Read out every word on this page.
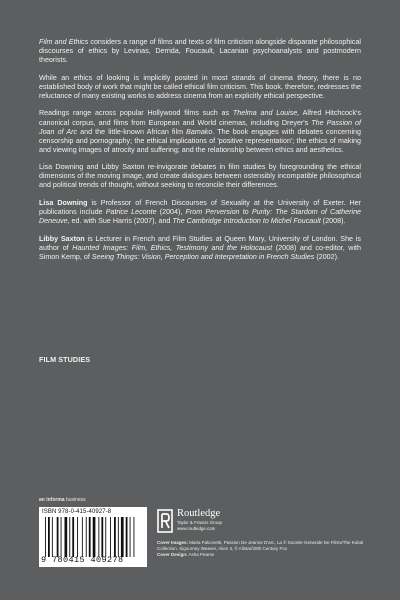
Film and Ethics considers a range of films and texts of film criticism alongside disparate philosophical discourses of ethics by Levinas, Derrida, Foucault, Lacanian psychoanalysts and postmodern theorists.

While an ethics of looking is implicitly posited in most strands of cinema theory, there is no established body of work that might be called ethical film criticism. This book, therefore, redresses the reluctance of many existing works to address cinema from an explicitly ethical perspective.

Readings range across popular Hollywood films such as Thelma and Louise, Alfred Hitchcock's canonical corpus, and films from European and World cinemas, including Dreyer's The Passion of Joan of Arc and the little-known African film Bamako. The book engages with debates concerning censorship and pornography; the ethical implications of 'positive representation'; the ethics of making and viewing images of atrocity and suffering; and the relationship between ethics and aesthetics.

Lisa Downing and Libby Saxton re-invigorate debates in film studies by foregrounding the ethical dimensions of the moving image, and create dialogues between ostensibly incompatible philosophical and political trends of thought, without seeking to reconcile their differences.

Lisa Downing is Professor of French Discourses of Sexuality at the University of Exeter. Her publications include Patrice Leconte (2004), From Perversion to Purity: The Stardom of Catherine Deneuve, ed. with Sue Harris (2007), and The Cambridge Introduction to Michel Foucault (2008).

Libby Saxton is Lecturer in French and Film Studies at Queen Mary, University of London. She is author of Haunted Images: Film, Ethics, Testimony and the Holocaust (2008) and co-editor, with Simon Kemp, of Seeing Things: Vision, Perception and Interpretation in French Studies (2002).

FILM STUDIES
an informa business
ISBN 978-0-415-40927-8
9 780415 409278
Routledge
Taylor & Francis Group
www.routledge.com
Cover Images: Maria Falconetti, Passion De Jeanne D'arc, La © Societe Generale De Films/The Kobal Collection. Sigourney Weaver, Alien 3, © Allstar/20th Century Fox
Cover Design: Asha Pearse
